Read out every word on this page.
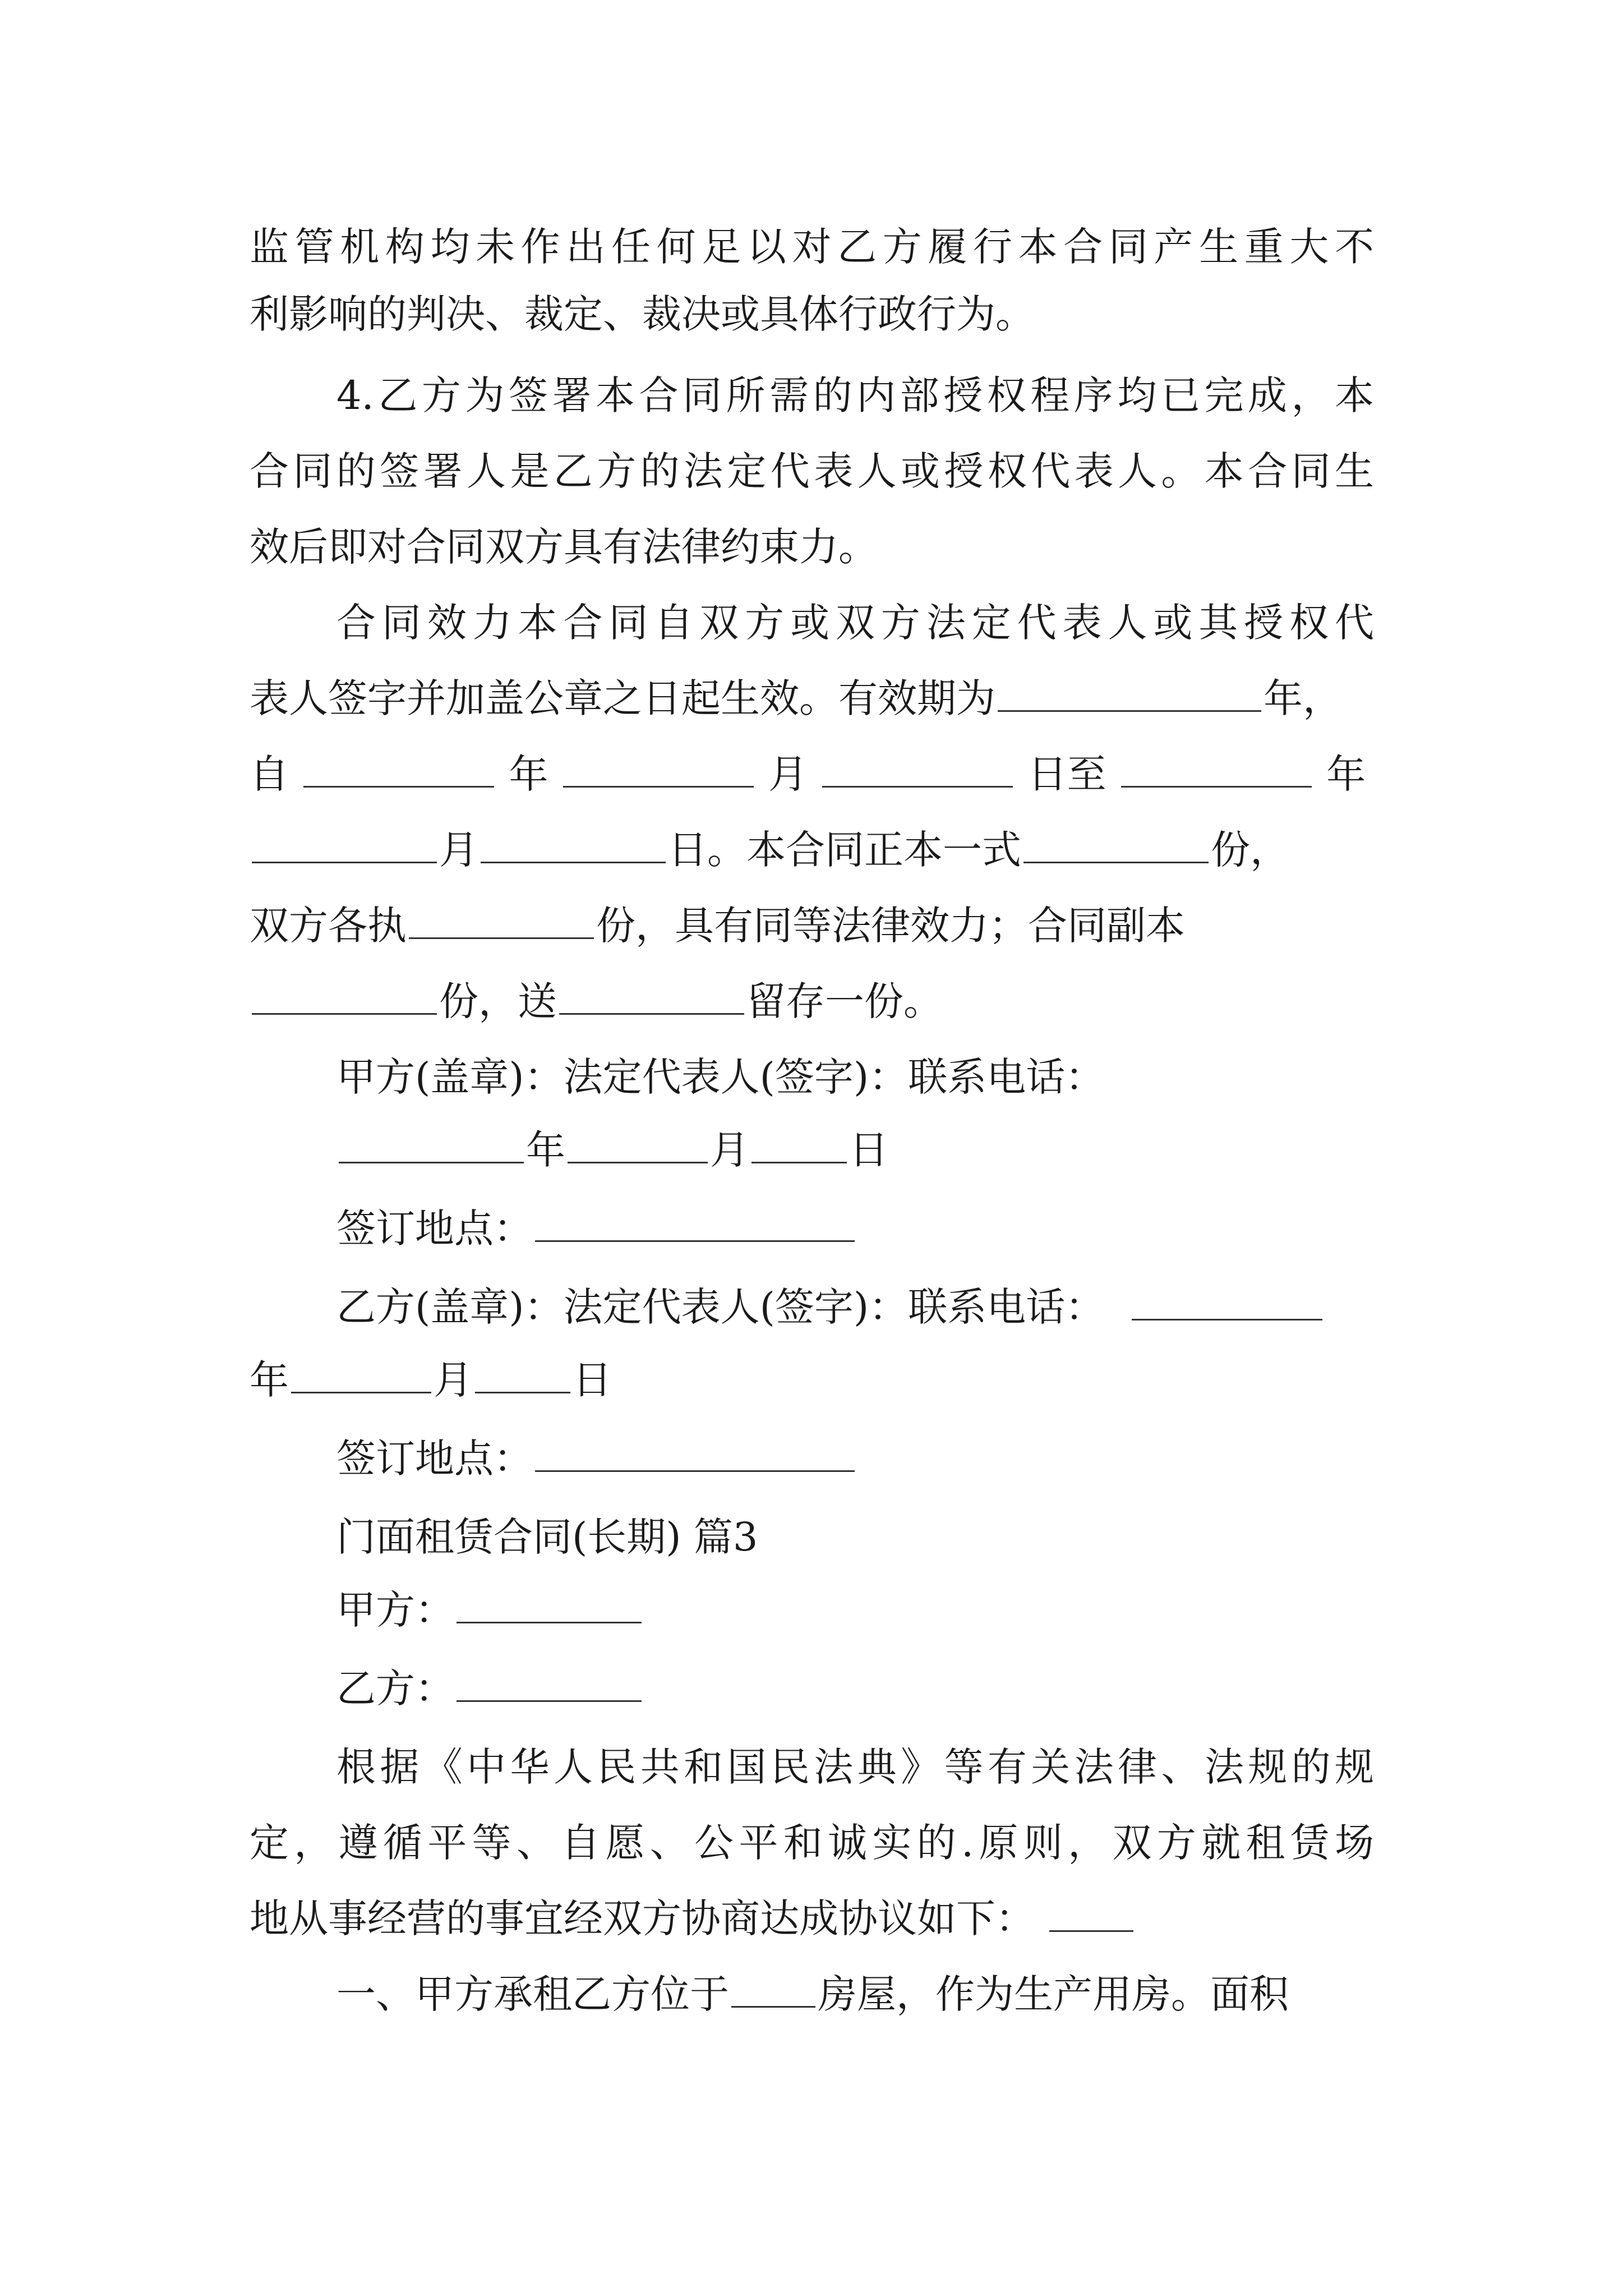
监管机构均未作出任何足以对乙方履行本合同产生重大不
利影响的判决、裁定、裁决或具体行政行为。
4.乙方为签署本合同所需的内部授权程序均已完成，本
合同的签署人是乙方的法定代表人或授权代表人。本合同生
效后即对合同双方具有法律约束力。
合同效力本合同自双方或双方法定代表人或其授权代
表人签字并加盖公章之日起生效。有效期为	年，
自	年	月	日至	年
月	日。本合同正本一式	份，
双方各执	份，具有同等法律效力；合同副本
份，送	留存一份。
甲方(盖章)：法定代表人(签字)：联系电话：
年	月	日
签订地点：
乙方(盖章)：法定代表人(签字)：联系电话：
年	月	日
签订地点：
门面租赁合同(长期) 篇3
甲方：
乙方：
根据《中华人民共和国民法典》等有关法律、法规的规
定，遵循平等、自愿、公平和诚实的.原则，双方就租赁场
地从事经营的事宜经双方协商达成协议如下：
一、甲方承租乙方位于 房屋，作为生产用房。面积
